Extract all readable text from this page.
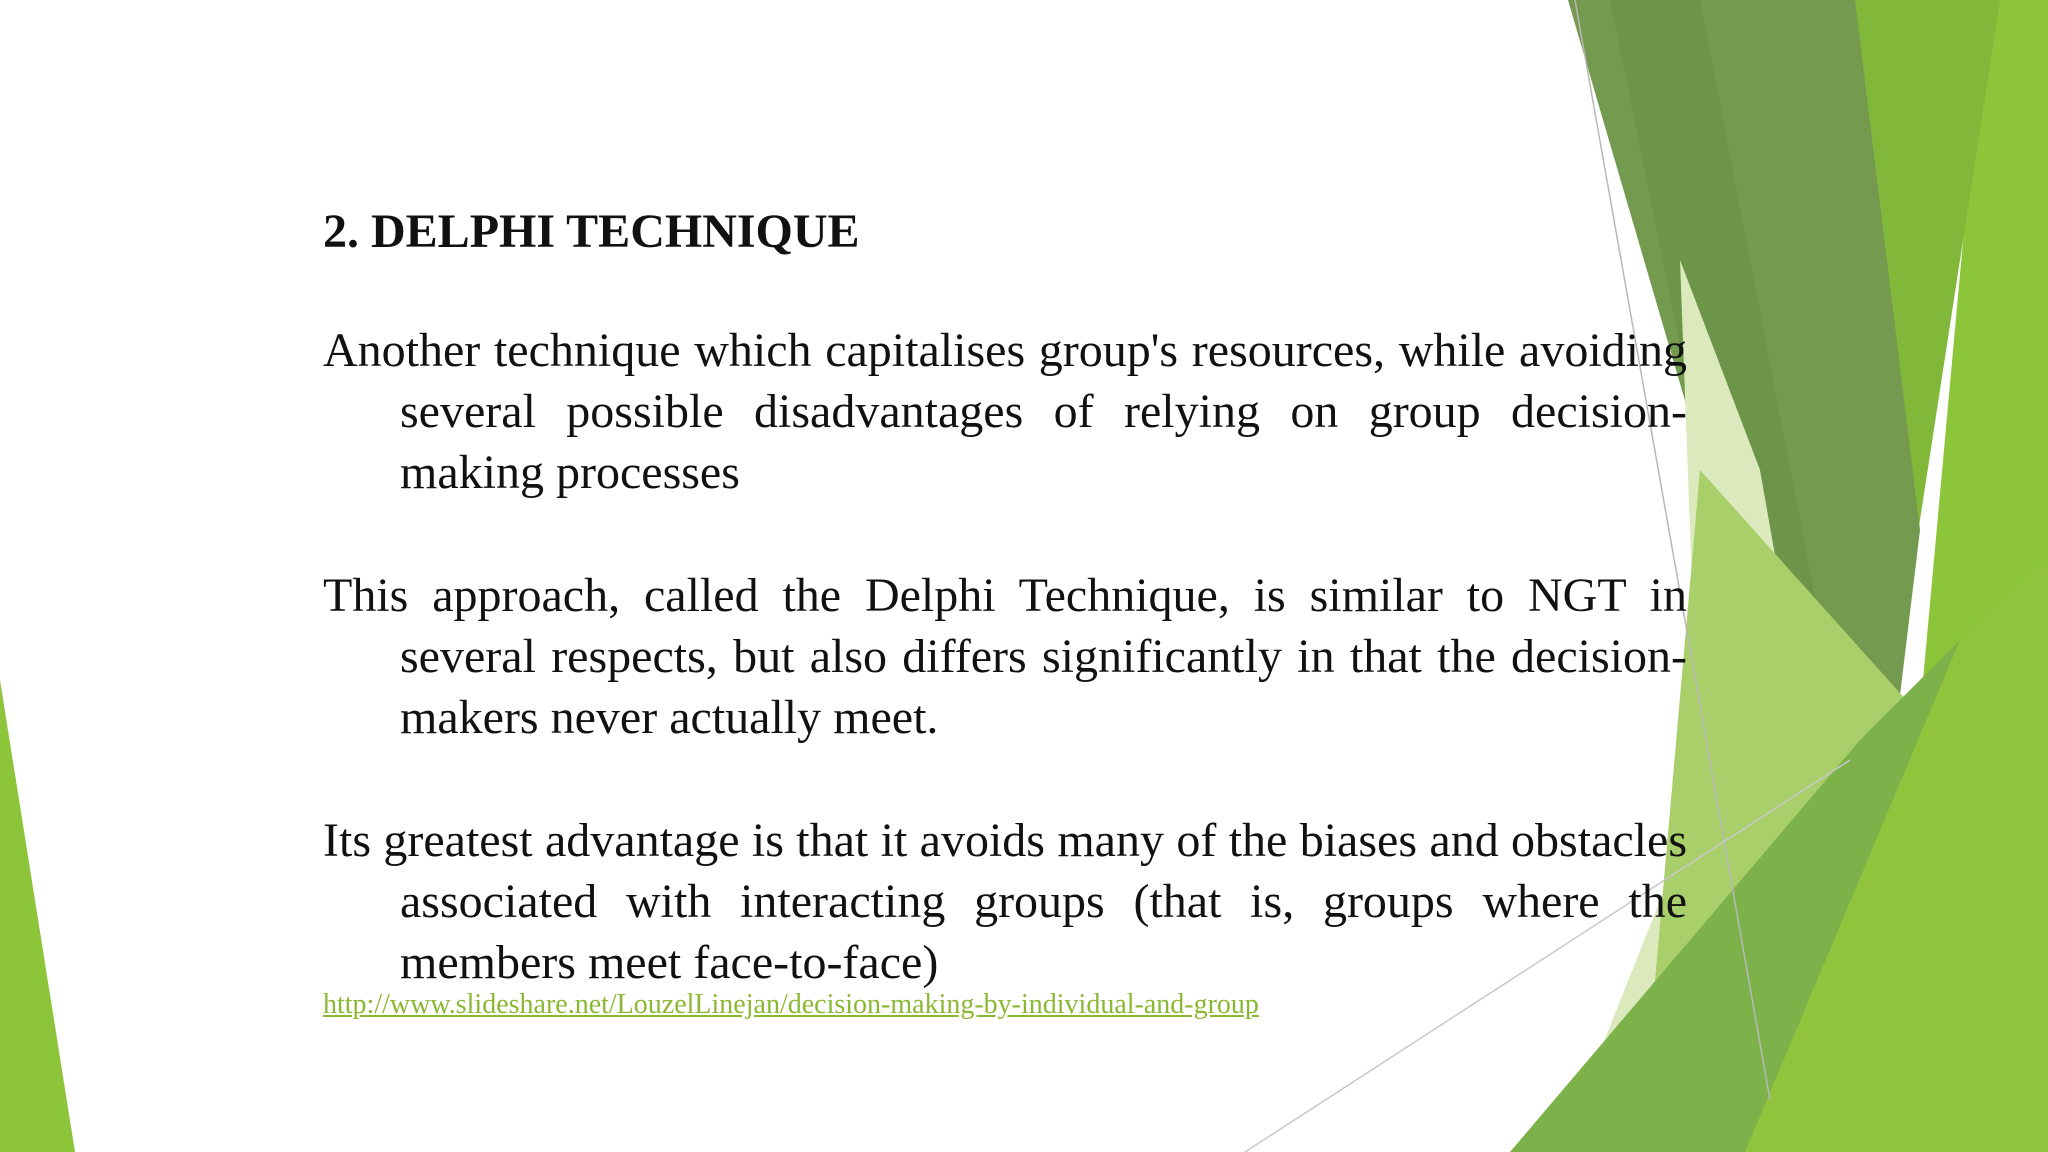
2. DELPHI TECHNIQUE

Another technique which capitalises group's resources, while avoiding several possible disadvantages of relying on group decision-making processes

This approach, called the Delphi Technique, is similar to NGT in several respects, but also differs significantly in that the decision-makers never actually meet.

Its greatest advantage is that it avoids many of the biases and obstacles associated with interacting groups (that is, groups where the members meet face-to-face)

http://www.slideshare.net/LouzelLinejan/decision-making-by-individual-and-group
